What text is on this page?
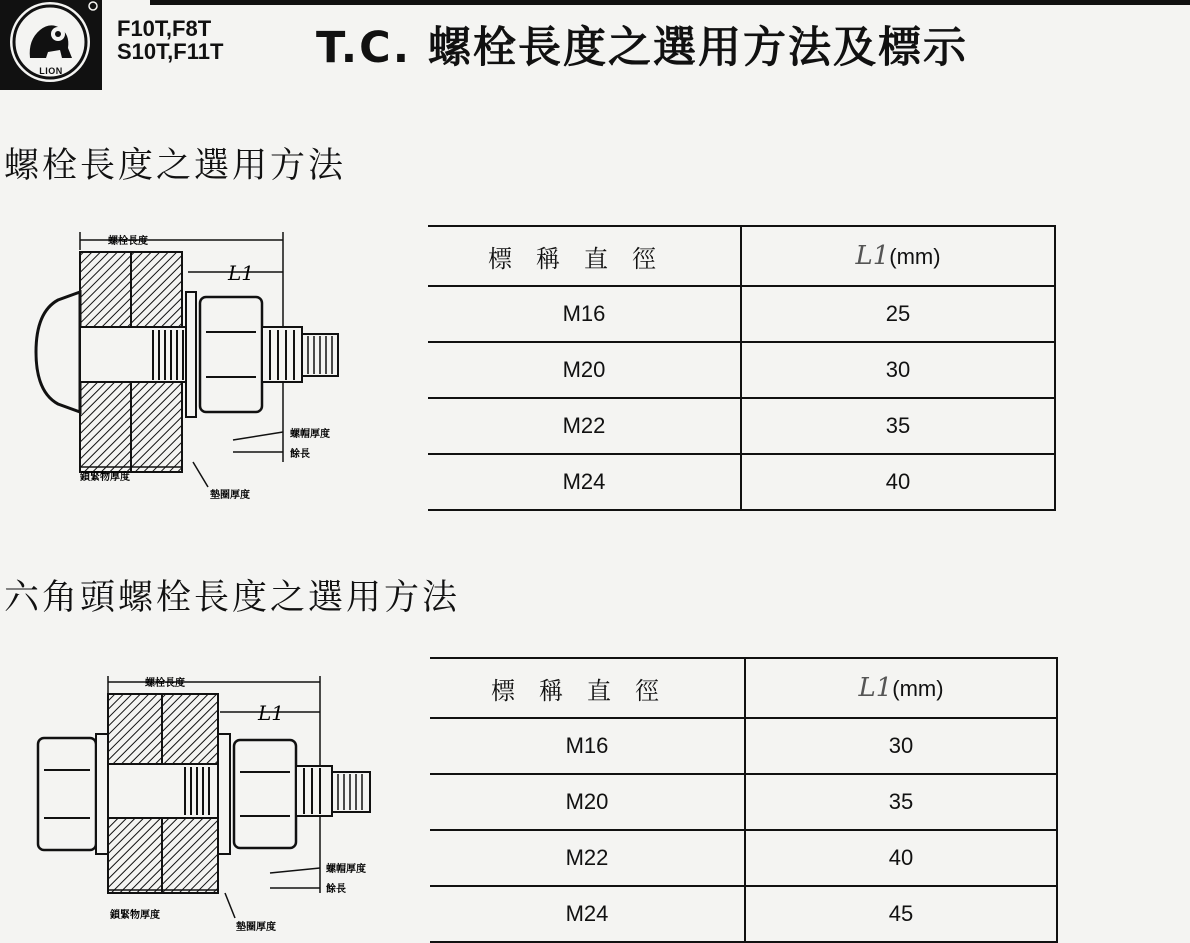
LION
F10T,F8T
S10T,F11T T.C. 螺栓長度之選用方法及標示
螺栓長度之選用方法
螺栓長度
L1
螺帽厚度
餘長
鎖緊物厚度
墊圈厚度
標稱直徑	L1(mm)
M16	25
M20	30
M22	35
M24	40
六角頭螺栓長度之選用方法
螺栓長度
L1
螺帽厚度
餘長
鎖緊物厚度
墊圈厚度
標稱直徑	L1(mm)
M16	30
M20	35
M22	40
M24	45
